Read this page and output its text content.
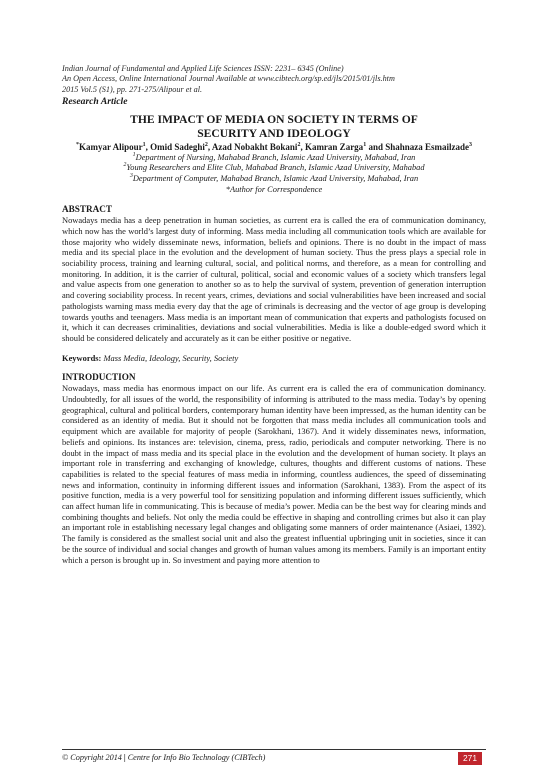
Indian Journal of Fundamental and Applied Life Sciences ISSN: 2231– 6345 (Online)
An Open Access, Online International Journal Available at www.cibtech.org/sp.ed/jls/2015/01/jls.htm
2015 Vol.5 (S1), pp. 271-275/Alipour et al.
Research Article
THE IMPACT OF MEDIA ON SOCIETY IN TERMS OF
SECURITY AND IDEOLOGY
*Kamyar Alipour$^1$, Omid Sadeghi$^2$, Azad Nobakht Bokani$^2$, Kamran Zarga$^1$ and Shahnaza Esmailzade$^3$
$^1$Department of Nursing, Mahabad Branch, Islamic Azad University, Mahabad, Iran
$^2$Young Researchers and Elite Club, Mahabad Branch, Islamic Azad University, Mahabad
$^3$Department of Computer, Mahabad Branch, Islamic Azad University, Mahabad, Iran
*Author for Correspondence
ABSTRACT
Nowadays media has a deep penetration in human societies, as current era is called the era of communication dominancy, which now has the world’s largest duty of informing. Mass media including all communication tools which are available for those majority who widely disseminate news, information, beliefs and opinions. There is no doubt in the impact of mass media and its special place in the evolution and the development of human society. Thus the press plays a special role in sociability process, training and learning cultural, social, and political norms, and therefore, as a mean for controlling and monitoring. In addition, it is the carrier of cultural, political, social and economic values of a society which transfers legal and value aspects from one generation to another so as to help the survival of system, prevention of generation interruption and covering sociability process. In recent years, crimes, deviations and social vulnerabilities have been increased and social pathologists warning mass media every day that the age of criminals is decreasing and the vector of age group is developing towards youths and teenagers. Mass media is an important mean of communication that experts and pathologists focused on it, which it can decreases criminalities, deviations and social vulnerabilities. Media is like a double-edged sword which it should be considered delicately and accurately as it can be either positive or negative.
Keywords: Mass Media, Ideology, Security, Society
INTRODUCTION
Nowadays, mass media has enormous impact on our life. As current era is called the era of communication dominancy. Undoubtedly, for all issues of the world, the responsibility of informing is attributed to the mass media. Today’s by opening geographical, cultural and political borders, contemporary human identity have been impressed, as the human identity can be considered as an identity of media. But it should not be forgotten that mass media includes all communication tools and equipment which are available for majority of people (Sarokhani, 1367). And it widely disseminates news, information, beliefs and opinions. Its instances are: television, cinema, press, radio, periodicals and computer networking. There is no doubt in the impact of mass media and its special place in the evolution and the development of human society. It plays an important role in transferring and exchanging of knowledge, cultures, thoughts and different customs of nations. These capabilities is related to the special features of mass media in informing, countless audiences, the speed of disseminating news and information, continuity in informing different issues and information (Sarokhani, 1383). From the aspect of its positive function, media is a very powerful tool for sensitizing population and informing different issues sufficiently, which can affect human life in communicating. This is because of media’s power. Media can be the best way for clearing minds and combining thoughts and beliefs. Not only the media could be effective in shaping and controlling crimes but also it can play an important role in establishing necessary legal changes and obligating some manners of order maintenance (Asiaei, 1392). The family is considered as the smallest social unit and also the greatest influential upbringing unit in societies, since it can be the source of individual and social changes and growth of human values among its members. Family is an important entity which a person is brought up in. So investment and paying more attention to
© Copyright 2014 | Centre for Info Bio Technology (CIBTech)	271
